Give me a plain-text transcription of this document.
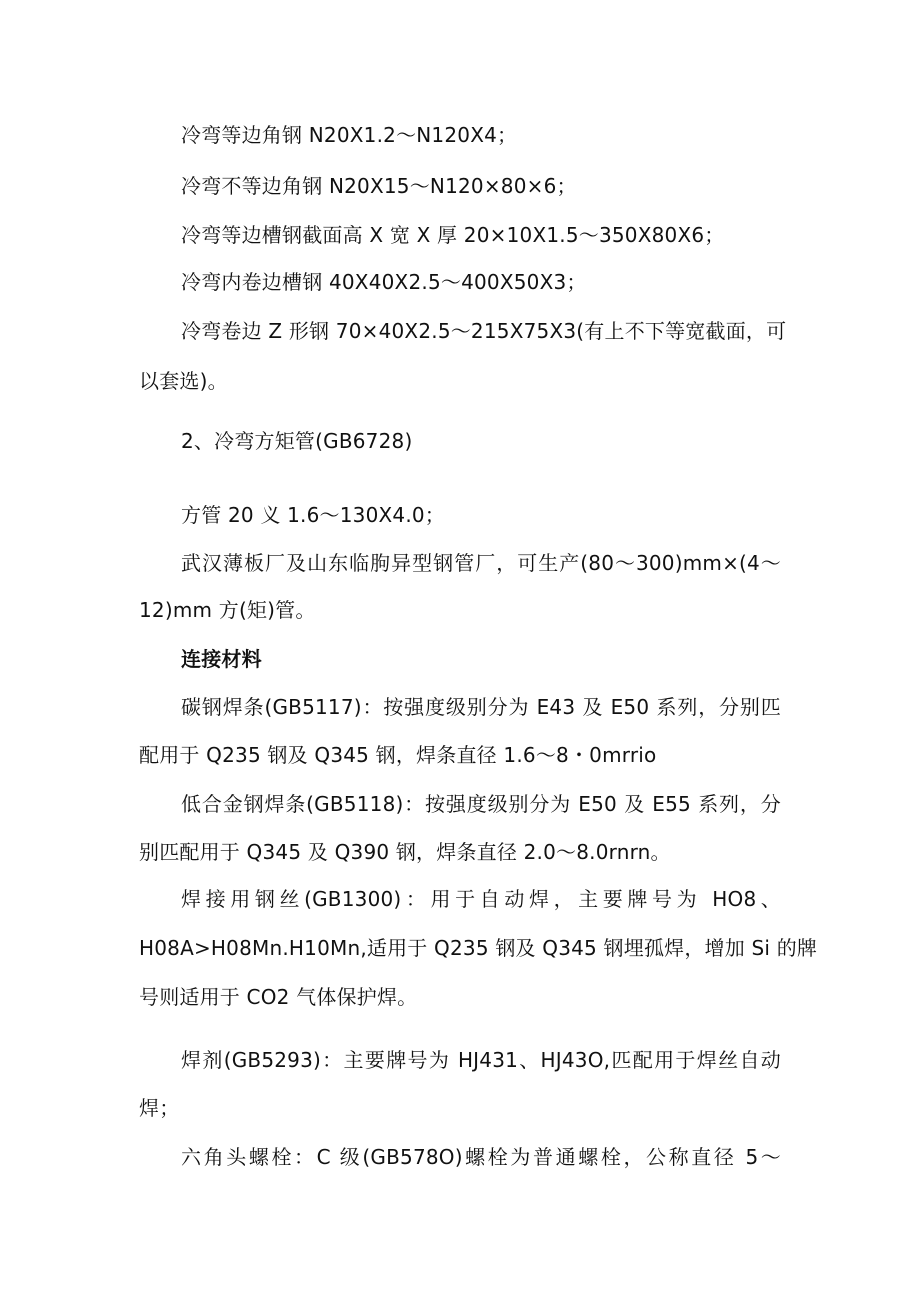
冷弯等边角钢 N20X1.2～N120X4；
冷弯不等边角钢 N20X15～N120×80×6；
冷弯等边槽钢截面高 X 宽 X 厚 20×10X1.5～350X80X6；
冷弯内卷边槽钢 40X40X2.5～400X50X3；
冷弯卷边 Z 形钢 70×40X2.5～215X75X3(有上不下等宽截面，可
以套选)。
2、冷弯方矩管(GB6728)
方管 20 义 1.6～130X4.0；
武汉薄板厂及山东临朐异型钢管厂，可生产(80～300)mm×(4～
12)mm 方(矩)管。
连接材料
碳钢焊条(GB5117)：按强度级别分为 E43 及 E50 系列，分别匹
配用于 Q235 钢及 Q345 钢，焊条直径 1.6～8・0mrrio
低合金钢焊条(GB5118)：按强度级别分为 E50 及 E55 系列，分
别匹配用于 Q345 及 Q390 钢，焊条直径 2.0～8.0rnrn。
焊接用钢丝(GB1300)：用于自动焊，主要牌号为 HO8、
H08A>H08Mn.H10Mn,适用于 Q235 钢及 Q345 钢埋孤焊，增加 Si 的牌
号则适用于 CO2 气体保护焊。
焊剂(GB5293)：主要牌号为 HJ431、HJ43O,匹配用于焊丝自动
焊；
六角头螺栓：C 级(GB578O)螺栓为普通螺栓，公称直径 5～
